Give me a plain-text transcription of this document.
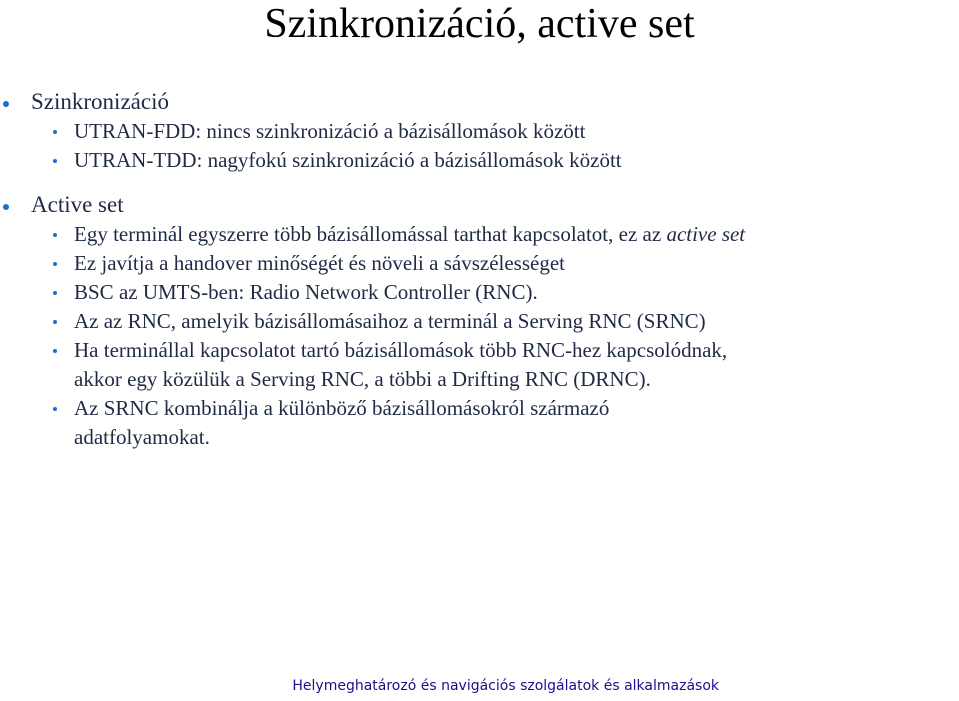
Szinkronizáció, active set
Szinkronizáció
UTRAN-FDD: nincs szinkronizáció a bázisállomások között
UTRAN-TDD: nagyfokú szinkronizáció a bázisállomások között
Active set
Egy terminál egyszerre több bázisállomással tarthat kapcsolatot, ez az active set
Ez javítja a handover minőségét és növeli a sávszélességet
BSC az UMTS-ben: Radio Network Controller (RNC).
Az az RNC, amelyik bázisállomásaihoz a terminál a Serving RNC (SRNC)
Ha terminállal kapcsolatot tartó bázisállomások több RNC-hez kapcsolódnak,
akkor egy közülük a Serving RNC, a többi a Drifting RNC (DRNC).
Az SRNC kombinálja a különböző bázisállomásokról származó
adatfolyamokat.
Helymeghatározó és navigációs szolgálatok és alkalmazások
